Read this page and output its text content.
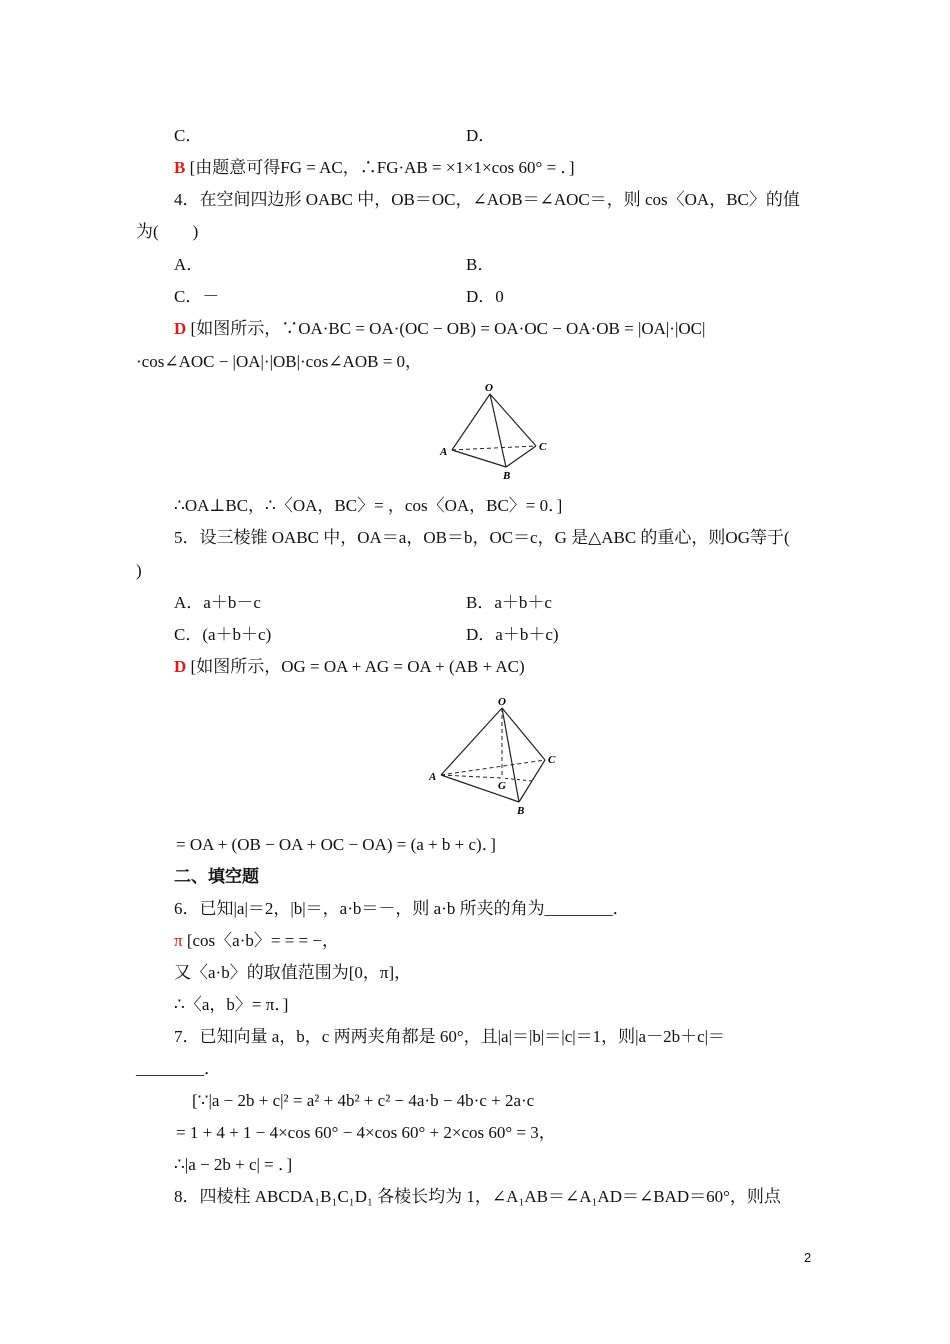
C．	D．
B [由题意可得FG = AC，∴FG·AB = ×1×1×cos 60° = ．]
4．在空间四边形 OABC 中，OB＝OC，∠AOB＝∠AOC＝，则 cos〈OA，BC〉的值
为(　　)
A．	B．
C．－	D．0
D [如图所示，∵OA·BC = OA·(OC − OB) = OA·OC − OA·OB = |OA|·|OC|
·cos∠AOC − |OA|·|OB|·cos∠AOB = 0，
O
A
B
C
∴OA⊥BC，∴〈OA，BC〉= ，cos〈OA，BC〉= 0．]
5．设三棱锥 OABC 中，OA＝a，OB＝b，OC＝c，G 是△ABC 的重心，则OG等于(
)
A．a＋b－c	B．a＋b＋c
C．(a＋b＋c)	D．a＋b＋c)
D [如图所示，OG = OA + AG = OA + (AB + AC)
O
A
B
C
G
= OA + (OB − OA + OC − OA) = (a + b + c)．]
二、填空题
6．已知|a|＝2，|b|＝，a·b＝－，则 a·b 所夹的角为________．
π [cos〈a·b〉= = = −，
又〈a·b〉的取值范围为[0，π]，
∴〈a，b〉= π．]
7．已知向量 a，b，c 两两夹角都是 60°，且|a|＝|b|＝|c|＝1，则|a－2b＋c|＝
________．
[∵|a − 2b + c|² = a² + 4b² + c² − 4a·b − 4b·c + 2a·c
= 1 + 4 + 1 − 4×cos 60° − 4×cos 60° + 2×cos 60° = 3，
∴|a − 2b + c| = ．]
8．四棱柱 ABCDA₁B₁C₁D₁ 各棱长均为 1，∠A₁AB＝∠A₁AD＝∠BAD＝60°，则点
2
